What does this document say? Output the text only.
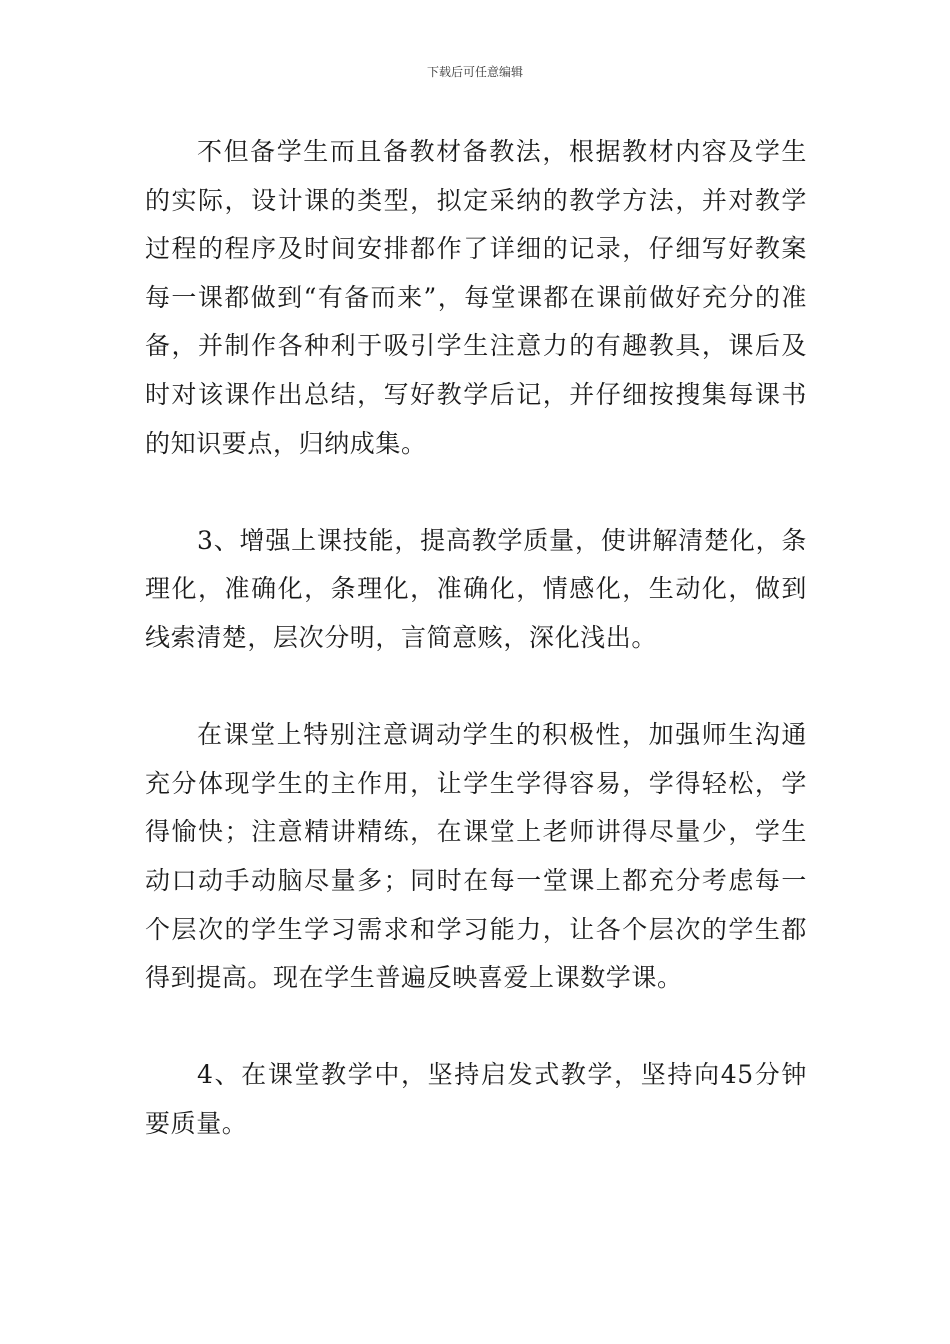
下载后可任意编辑

不但备学生而且备教材备教法，根据教材内容及学生的实际，设计课的类型，拟定采纳的教学方法，并对教学过程的程序及时间安排都作了详细的记录，仔细写好教案每一课都做到“有备而来”，每堂课都在课前做好充分的准备，并制作各种利于吸引学生注意力的有趣教具，课后及时对该课作出总结，写好教学后记，并仔细按搜集每课书的知识要点，归纳成集。

3、增强上课技能，提高教学质量，使讲解清楚化，条理化，准确化，条理化，准确化，情感化，生动化，做到线索清楚，层次分明，言简意赅，深化浅出。

在课堂上特别注意调动学生的积极性，加强师生沟通充分体现学生的主作用，让学生学得容易，学得轻松，学得愉快；注意精讲精练，在课堂上老师讲得尽量少，学生动口动手动脑尽量多；同时在每一堂课上都充分考虑每一个层次的学生学习需求和学习能力，让各个层次的学生都得到提高。现在学生普遍反映喜爱上课数学课。

4、在课堂教学中，坚持启发式教学，坚持向45分钟要质量。
